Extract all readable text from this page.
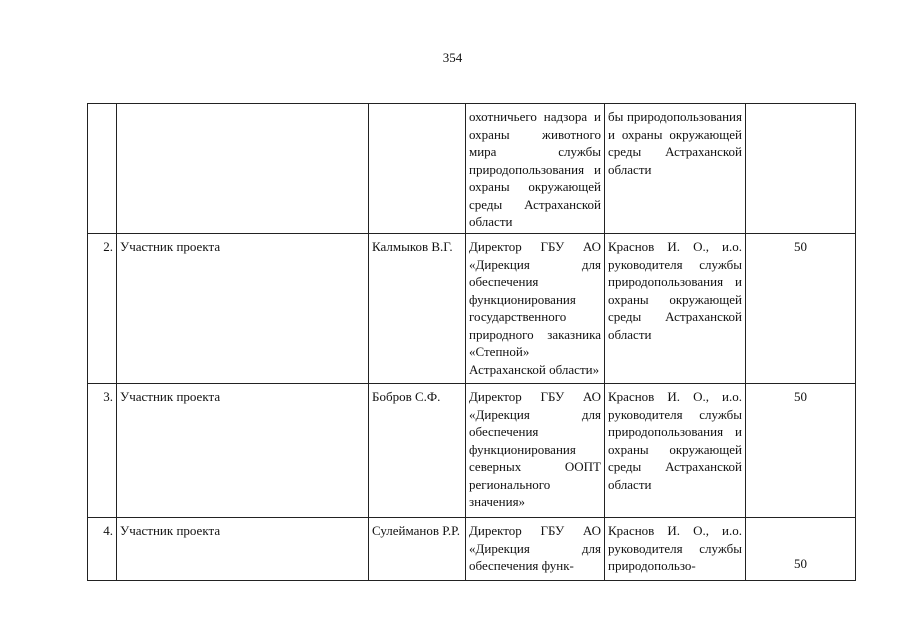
354
			охотничьего надзора и охраны животного мира службы природопользования и охраны окружающей среды Астраханской области	бы природопользования и охраны окружающей среды Астраханской области	
2.	Участник проекта	Калмыков В.Г.	Директор ГБУ АО «Дирекция для обеспечения функционирования государственного природного заказника «Степной» Астраханской области»	Краснов И. О., и.о. руководителя службы природопользования и охраны окружающей среды Астраханской области	50
3.	Участник проекта	Бобров С.Ф.	Директор ГБУ АО «Дирекция для обеспечения функционирования северных ООПТ регионального значения»	Краснов И. О., и.о. руководителя службы природопользования и охраны окружающей среды Астраханской области	50
4.	Участник проекта	Сулейманов Р.Р.	Директор ГБУ АО «Дирекция для обеспечения функ-	Краснов И. О., и.о. руководителя службы природопользо-	50
